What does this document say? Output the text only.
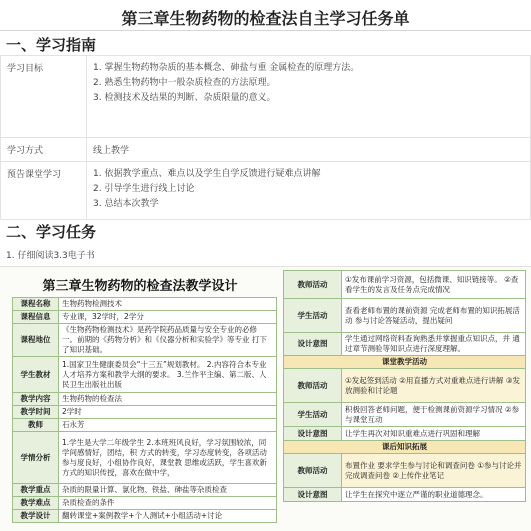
第三章生物药物的检查法自主学习任务单
一、学习指南
学习目标	1. 掌握生物药物杂质的基本概念、砷盐与重 金属检查的原理方法。
2. 熟悉生物药物中一般杂质检查的方法原理。
3. 检测技术及结果的判断、杂质限量的意义。

学习方式	线上教学
预告课堂学习	1. 依据教学重点、难点以及学生自学反馈进行疑难点讲解
2. 引导学生进行线上讨论
3. 总结本次教学
二、学习任务
1. 仔细阅读3.3电子书
第三章生物药物的检查法教学设计
课程名称	生物药物检测技术
课程信息	专业课，32学时，2学分
课程地位	《生物药物检测技术》是药学院药品质量与安全专业的必修 一。前期的《药物分析》和《仪器分析和实验学》等专业 打下了知识基础。
学生教材	1.国家卫生健康委员会“十三五”规划教材。 2.内容符合本专业人才培养方案和教学大纲的要求。 3.兰作平主编、第二版、人民卫生出版社出版
教学内容	生物药物的检查法
教学时间	2学时
教师	石永芳
学情分析	1.学生是大学二年级学生 2.本班班风良好，学习氛围较浓，同学间感情好，团结，积 方式的转变，学习态度转变，各项活动参与度良好，小组协作良好，课堂教 思维或活跃，学生喜欢新方式的知识传授，喜欢在做中学，
教学重点	杂质的限量计算、氯化物、铁盐、砷盐等杂质检查
教学难点	杂质检查的条件
教学设计	翻转课堂+案例教学+个人测试+小组活动+讨论
教师活动	①发布课前学习资源，包括微课、知识链接等。 ②查看学生的发言及任务点完成情况
学生活动	查看老师布置的课前资源 完成老师布置的知识拓展活动 参与讨论答疑活动，提出疑问
设计意图	学生通过网络资料查询熟悉并掌握重点知识点，并 通过章节测验等知识点进行深度理解。
课堂教学活动	
教师活动	①发起签到活动 ②用直播方式对重难点进行讲解 ③发放测验和讨论题
学生活动	积极回答老师问题，便于检测课前资源学习情况 ②参与课堂互动
设计意图	让学生再次对知识重难点进行巩固和理解
课后知识拓展	
教师活动	布置作业 要求学生参与讨论和调查问卷 ①参与讨论并完成调查问卷 ②上传作业笔记
设计意图	让学生在探究中逐立严谨的职业道德理念。
